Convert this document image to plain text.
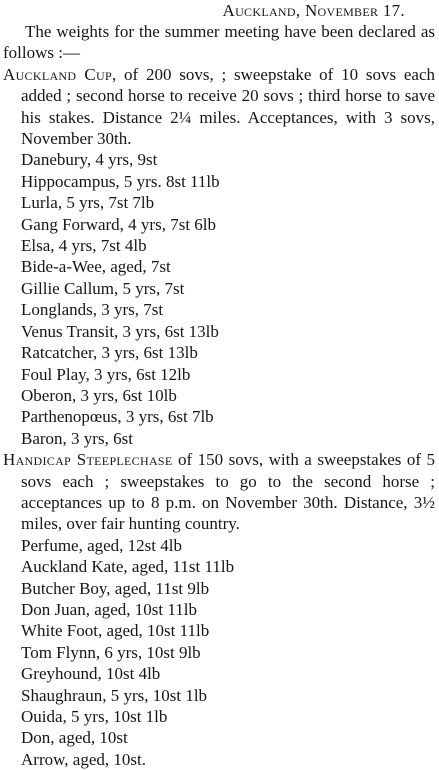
Auckland, November 17.

The weights for the summer meeting have been declared as follows :—

Auckland Cup, of 200 sovs, ; sweepstake of 10 sovs each added ; second horse to receive 20 sovs ; third horse to save his stakes. Distance 2¼ miles. Acceptances, with 3 sovs, November 30th.

Danebury, 4 yrs, 9st
Hippocampus, 5 yrs. 8st 11lb
Lurla, 5 yrs, 7st 7lb
Gang Forward, 4 yrs, 7st 6lb
Elsa, 4 yrs, 7st 4lb
Bide-a-Wee, aged, 7st
Gillie Callum, 5 yrs, 7st
Longlands, 3 yrs, 7st
Venus Transit, 3 yrs, 6st 13lb
Ratcatcher, 3 yrs, 6st 13lb
Foul Play, 3 yrs, 6st 12lb
Oberon, 3 yrs, 6st 10lb
Parthenopœus, 3 yrs, 6st 7lb
Baron, 3 yrs, 6st

Handicap Steeplechase of 150 sovs, with a sweepstakes of 5 sovs each ; sweepstakes to go to the second horse ; acceptances up to 8 p.m. on November 30th. Distance, 3½ miles, over fair hunting country.

Perfume, aged, 12st 4lb
Auckland Kate, aged, 11st 11lb
Butcher Boy, aged, 11st 9lb
Don Juan, aged, 10st 11lb
White Foot, aged, 10st 11lb
Tom Flynn, 6 yrs, 10st 9lb
Greyhound, 10st 4lb
Shaughraun, 5 yrs, 10st 1lb
Ouida, 5 yrs, 10st 1lb
Don, aged, 10st
Arrow, aged, 10st.
